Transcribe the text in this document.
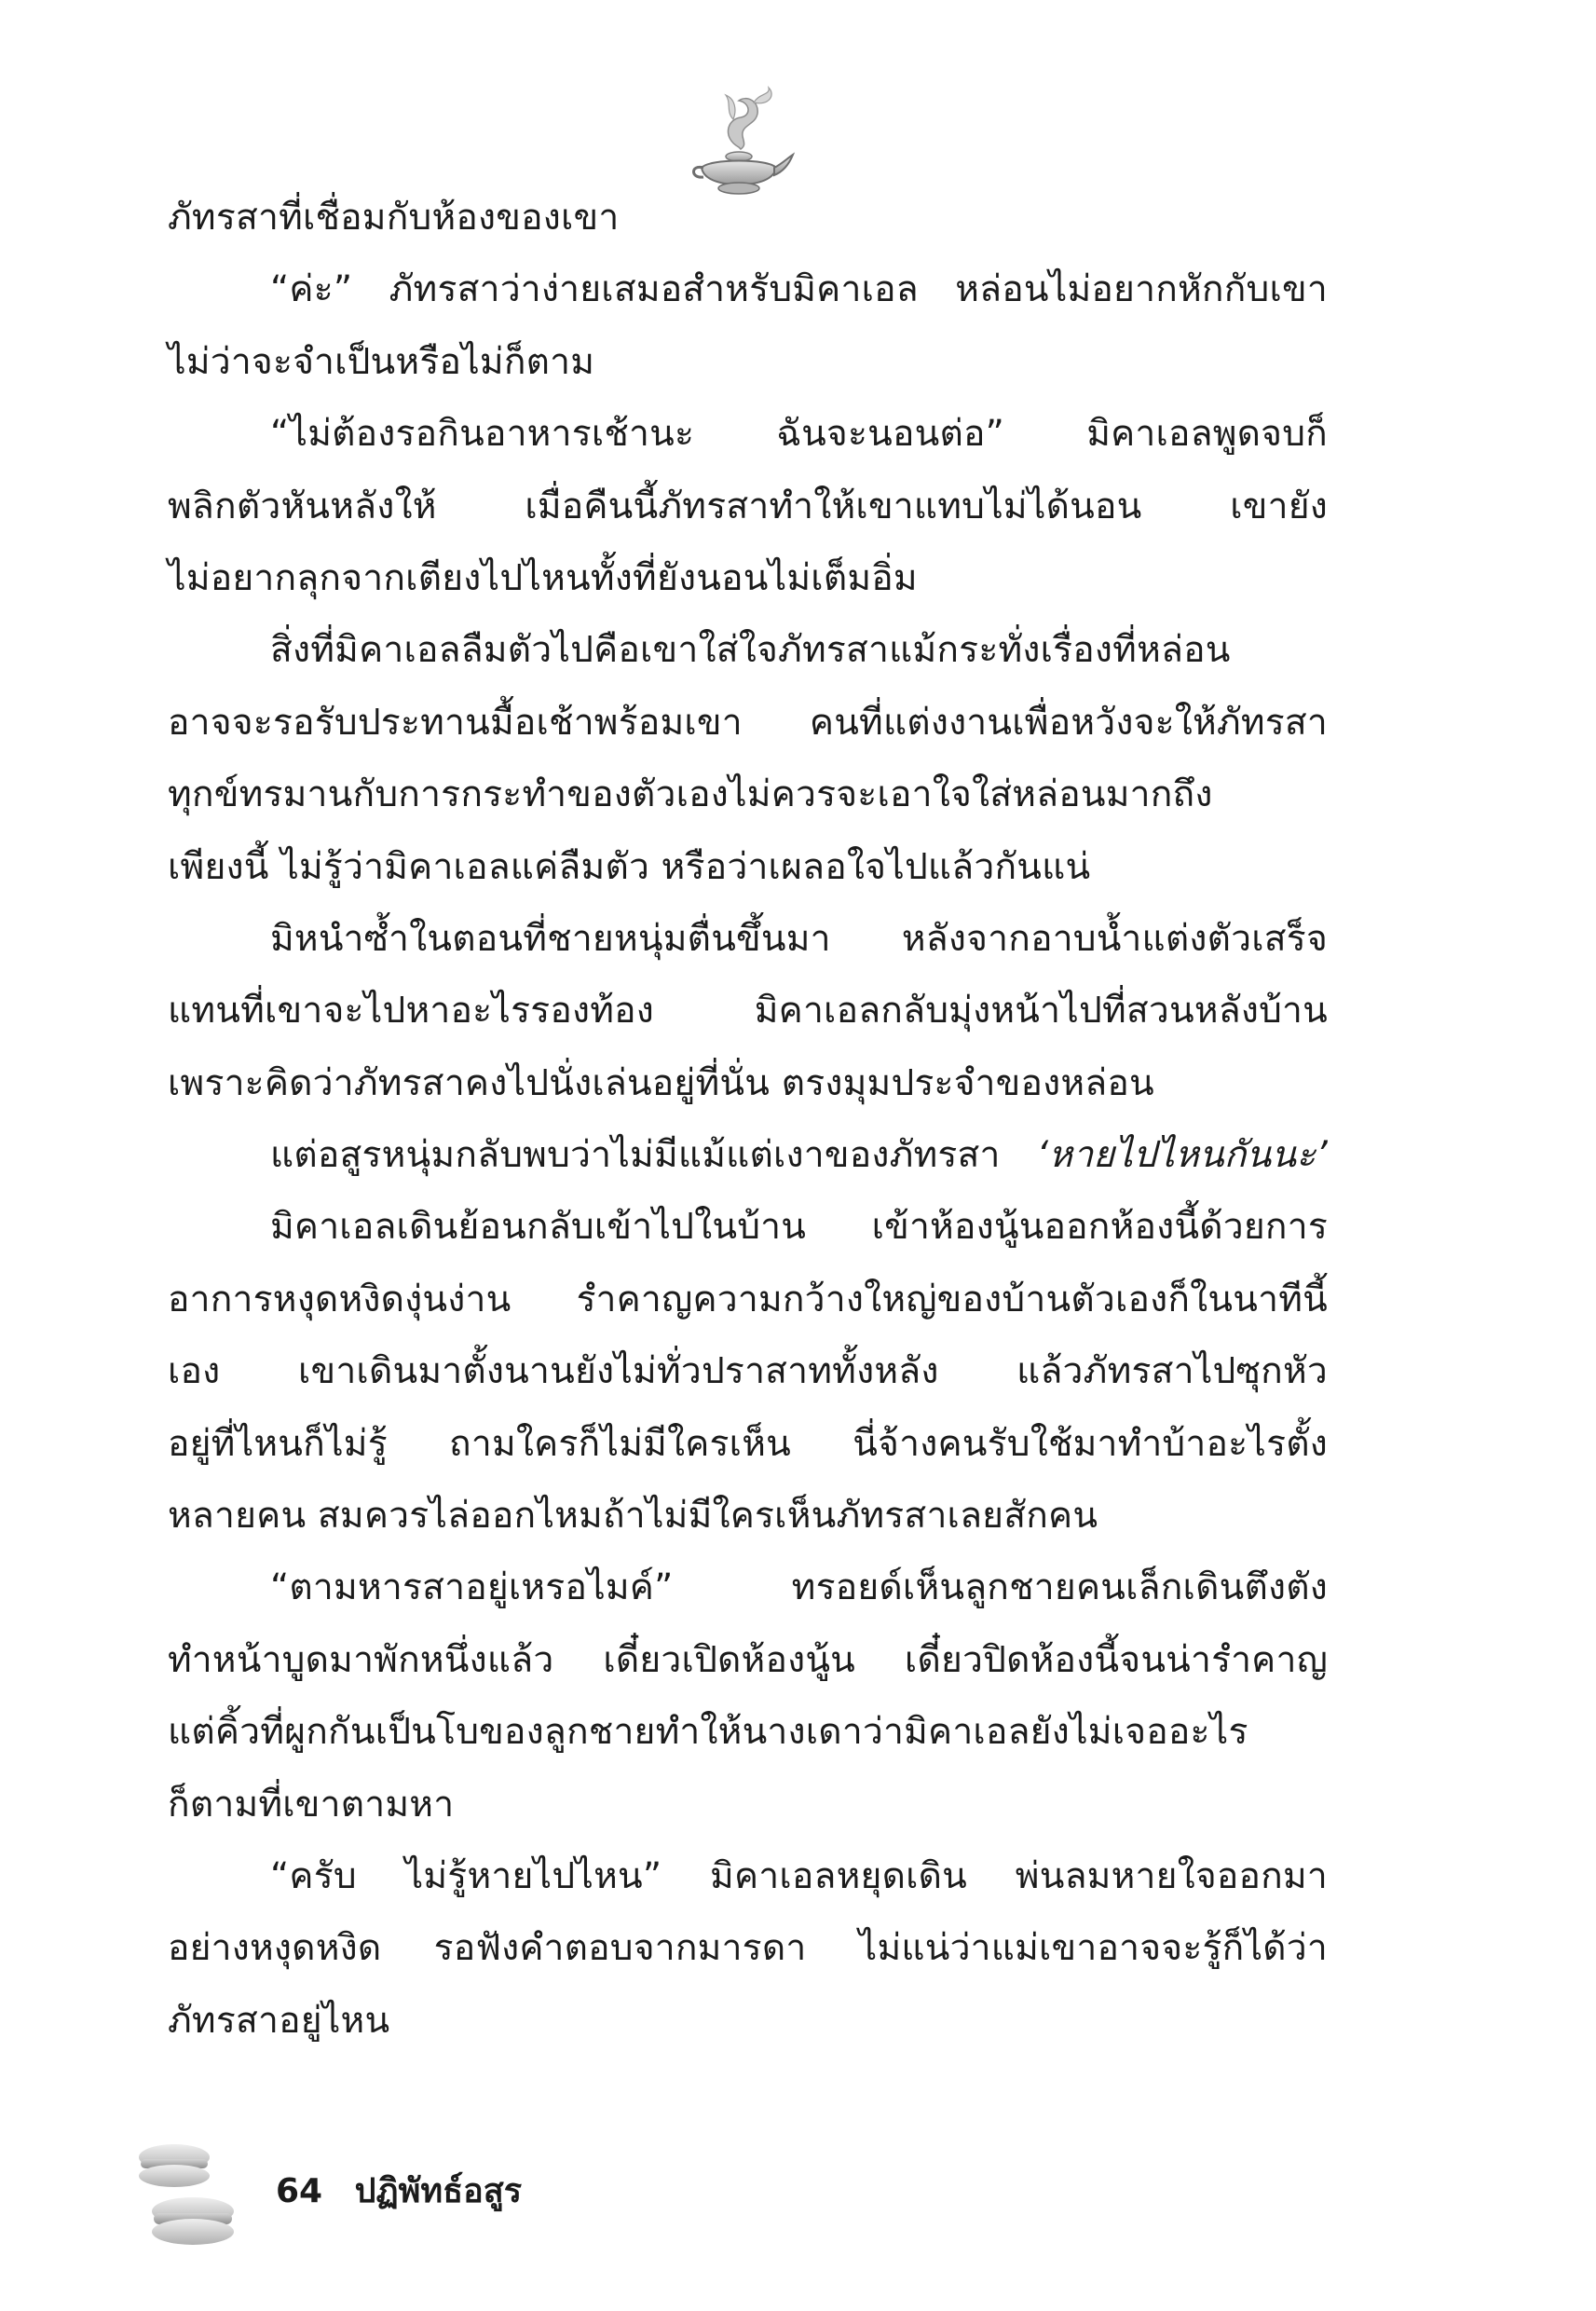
ภัทรสาที่เชื่อมกับห้องของเขา
“ค่ะ” ภัทรสาว่าง่ายเสมอสำหรับมิคาเอล หล่อนไม่อยากหักกับเขา
ไม่ว่าจะจำเป็นหรือไม่ก็ตาม
“ไม่ต้องรอกินอาหารเช้านะ ฉันจะนอนต่อ” มิคาเอลพูดจบก็
พลิกตัวหันหลังให้ เมื่อคืนนี้ภัทรสาทำให้เขาแทบไม่ได้นอน เขายัง
ไม่อยากลุกจากเตียงไปไหนทั้งที่ยังนอนไม่เต็มอิ่ม
สิ่งที่มิคาเอลลืมตัวไปคือเขาใส่ใจภัทรสาแม้กระทั่งเรื่องที่หล่อน
อาจจะรอรับประทานมื้อเช้าพร้อมเขา คนที่แต่งงานเพื่อหวังจะให้ภัทรสา
ทุกข์ทรมานกับการกระทำของตัวเองไม่ควรจะเอาใจใส่หล่อนมากถึง
เพียงนี้ ไม่รู้ว่ามิคาเอลแค่ลืมตัว หรือว่าเผลอใจไปแล้วกันแน่
มิหนำซ้ำในตอนที่ชายหนุ่มตื่นขึ้นมา หลังจากอาบน้ำแต่งตัวเสร็จ
แทนที่เขาจะไปหาอะไรรองท้อง มิคาเอลกลับมุ่งหน้าไปที่สวนหลังบ้าน
เพราะคิดว่าภัทรสาคงไปนั่งเล่นอยู่ที่นั่น ตรงมุมประจำของหล่อน
แต่อสูรหนุ่มกลับพบว่าไม่มีแม้แต่เงาของภัทรสา ‘หายไปไหนกันนะ’
มิคาเอลเดินย้อนกลับเข้าไปในบ้าน เข้าห้องนู้นออกห้องนี้ด้วยการ
อาการหงุดหงิดงุ่นง่าน รำคาญความกว้างใหญ่ของบ้านตัวเองก็ในนาทีนี้
เอง เขาเดินมาตั้งนานยังไม่ทั่วปราสาททั้งหลัง แล้วภัทรสาไปซุกหัว
อยู่ที่ไหนก็ไม่รู้ ถามใครก็ไม่มีใครเห็น นี่จ้างคนรับใช้มาทำบ้าอะไรตั้ง
หลายคน สมควรไล่ออกไหมถ้าไม่มีใครเห็นภัทรสาเลยสักคน
“ตามหารสาอยู่เหรอไมค์” ทรอยด์เห็นลูกชายคนเล็กเดินตึงตัง
ทำหน้าบูดมาพักหนึ่งแล้ว เดี๋ยวเปิดห้องนู้น เดี๋ยวปิดห้องนี้จนน่ารำคาญ
แต่คิ้วที่ผูกกันเป็นโบของลูกชายทำให้นางเดาว่ามิคาเอลยังไม่เจออะไร
ก็ตามที่เขาตามหา
“ครับ ไม่รู้หายไปไหน” มิคาเอลหยุดเดิน พ่นลมหายใจออกมา
อย่างหงุดหงิด รอฟังคำตอบจากมารดา ไม่แน่ว่าแม่เขาอาจจะรู้ก็ได้ว่า
ภัทรสาอยู่ไหน
64 ปฏิพัทธ์อสูร
